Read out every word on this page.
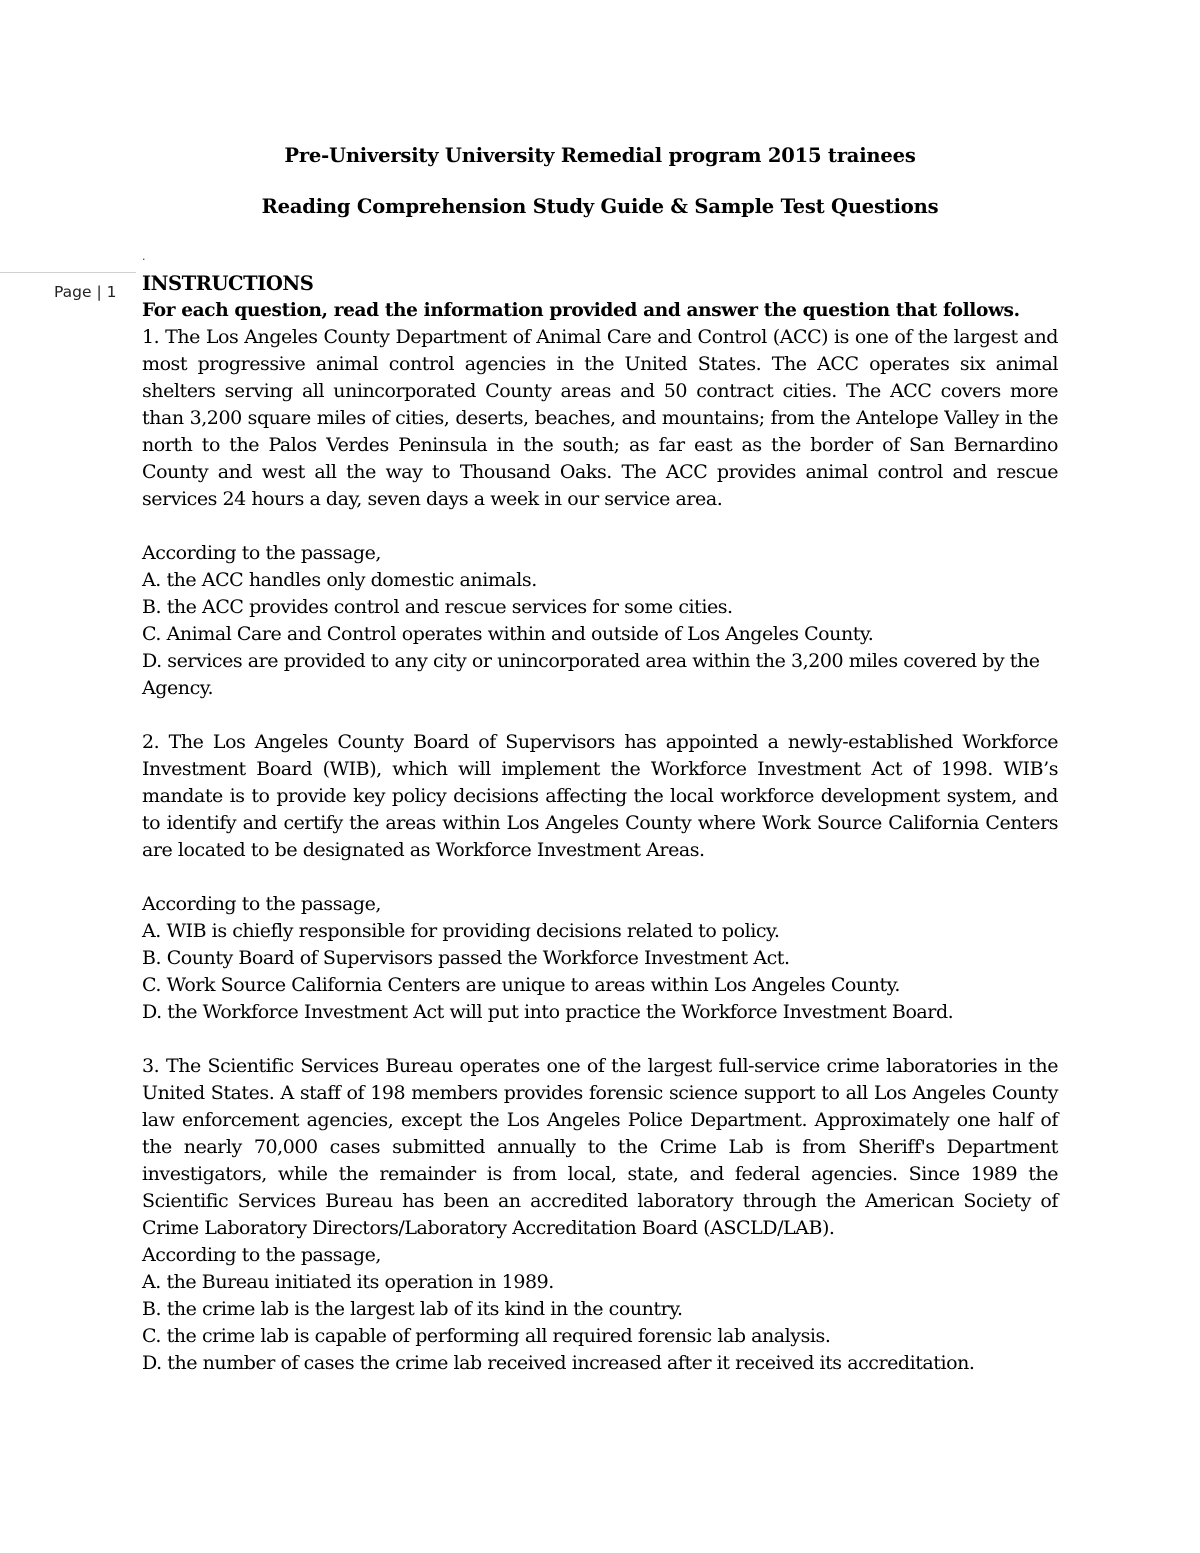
Pre-University University Remedial program 2015 trainees
Reading Comprehension Study Guide & Sample Test Questions
.
Page | 1 INSTRUCTIONS

For each question, read the information provided and answer the question that follows.

1. The Los Angeles County Department of Animal Care and Control (ACC) is one of the largest and most progressive animal control agencies in the United States. The ACC operates six animal shelters serving all unincorporated County areas and 50 contract cities. The ACC covers more than 3,200 square miles of cities, deserts, beaches, and mountains; from the Antelope Valley in the north to the Palos Verdes Peninsula in the south; as far east as the border of San Bernardino County and west all the way to Thousand Oaks. The ACC provides animal control and rescue services 24 hours a day, seven days a week in our service area.

According to the passage,

A. the ACC handles only domestic animals.

B. the ACC provides control and rescue services for some cities.

C. Animal Care and Control operates within and outside of Los Angeles County.

D. services are provided to any city or unincorporated area within the 3,200 miles covered by the Agency.

2. The Los Angeles County Board of Supervisors has appointed a newly-established Workforce Investment Board (WIB), which will implement the Workforce Investment Act of 1998. WIB’s mandate is to provide key policy decisions affecting the local workforce development system, and to identify and certify the areas within Los Angeles County where Work Source California Centers are located to be designated as Workforce Investment Areas.

According to the passage,

A. WIB is chiefly responsible for providing decisions related to policy.

B. County Board of Supervisors passed the Workforce Investment Act.

C. Work Source California Centers are unique to areas within Los Angeles County.

D. the Workforce Investment Act will put into practice the Workforce Investment Board.

3. The Scientific Services Bureau operates one of the largest full-service crime laboratories in the United States. A staff of 198 members provides forensic science support to all Los Angeles County law enforcement agencies, except the Los Angeles Police Department. Approximately one half of the nearly 70,000 cases submitted annually to the Crime Lab is from Sheriff's Department investigators, while the remainder is from local, state, and federal agencies. Since 1989 the Scientific Services Bureau has been an accredited laboratory through the American Society of Crime Laboratory Directors/Laboratory Accreditation Board (ASCLD/LAB).

According to the passage,

A. the Bureau initiated its operation in 1989.

B. the crime lab is the largest lab of its kind in the country.

C. the crime lab is capable of performing all required forensic lab analysis.

D. the number of cases the crime lab received increased after it received its accreditation.
